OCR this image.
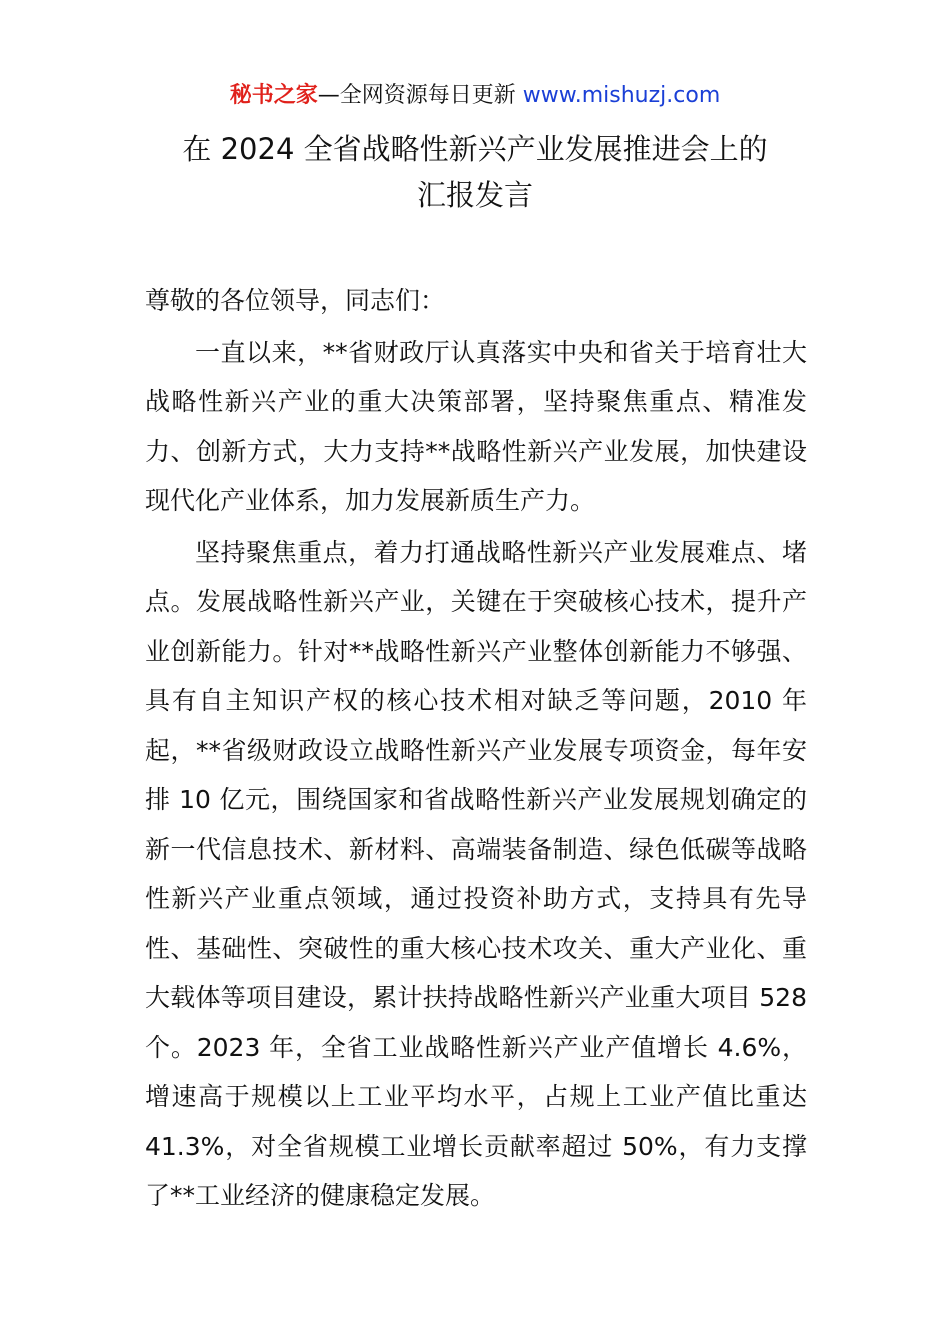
秘书之家—全网资源每日更新 www.mishuzj.com
在 2024 全省战略性新兴产业发展推进会上的
汇报发言

尊敬的各位领导，同志们：

一直以来，**省财政厅认真落实中央和省关于培育壮大战略性新兴产业的重大决策部署，坚持聚焦重点、精准发力、创新方式，大力支持**战略性新兴产业发展，加快建设现代化产业体系，加力发展新质生产力。

坚持聚焦重点，着力打通战略性新兴产业发展难点、堵点。发展战略性新兴产业，关键在于突破核心技术，提升产业创新能力。针对**战略性新兴产业整体创新能力不够强、具有自主知识产权的核心技术相对缺乏等问题，2010 年起，**省级财政设立战略性新兴产业发展专项资金，每年安排 10 亿元，围绕国家和省战略性新兴产业发展规划确定的新一代信息技术、新材料、高端装备制造、绿色低碳等战略性新兴产业重点领域，通过投资补助方式，支持具有先导性、基础性、突破性的重大核心技术攻关、重大产业化、重大载体等项目建设，累计扶持战略性新兴产业重大项目 528 个。2023 年，全省工业战略性新兴产业产值增长 4.6%，增速高于规模以上工业平均水平，占规上工业产值比重达 41.3%，对全省规模工业增长贡献率超过 50%，有力支撑了**工业经济的健康稳定发展。
